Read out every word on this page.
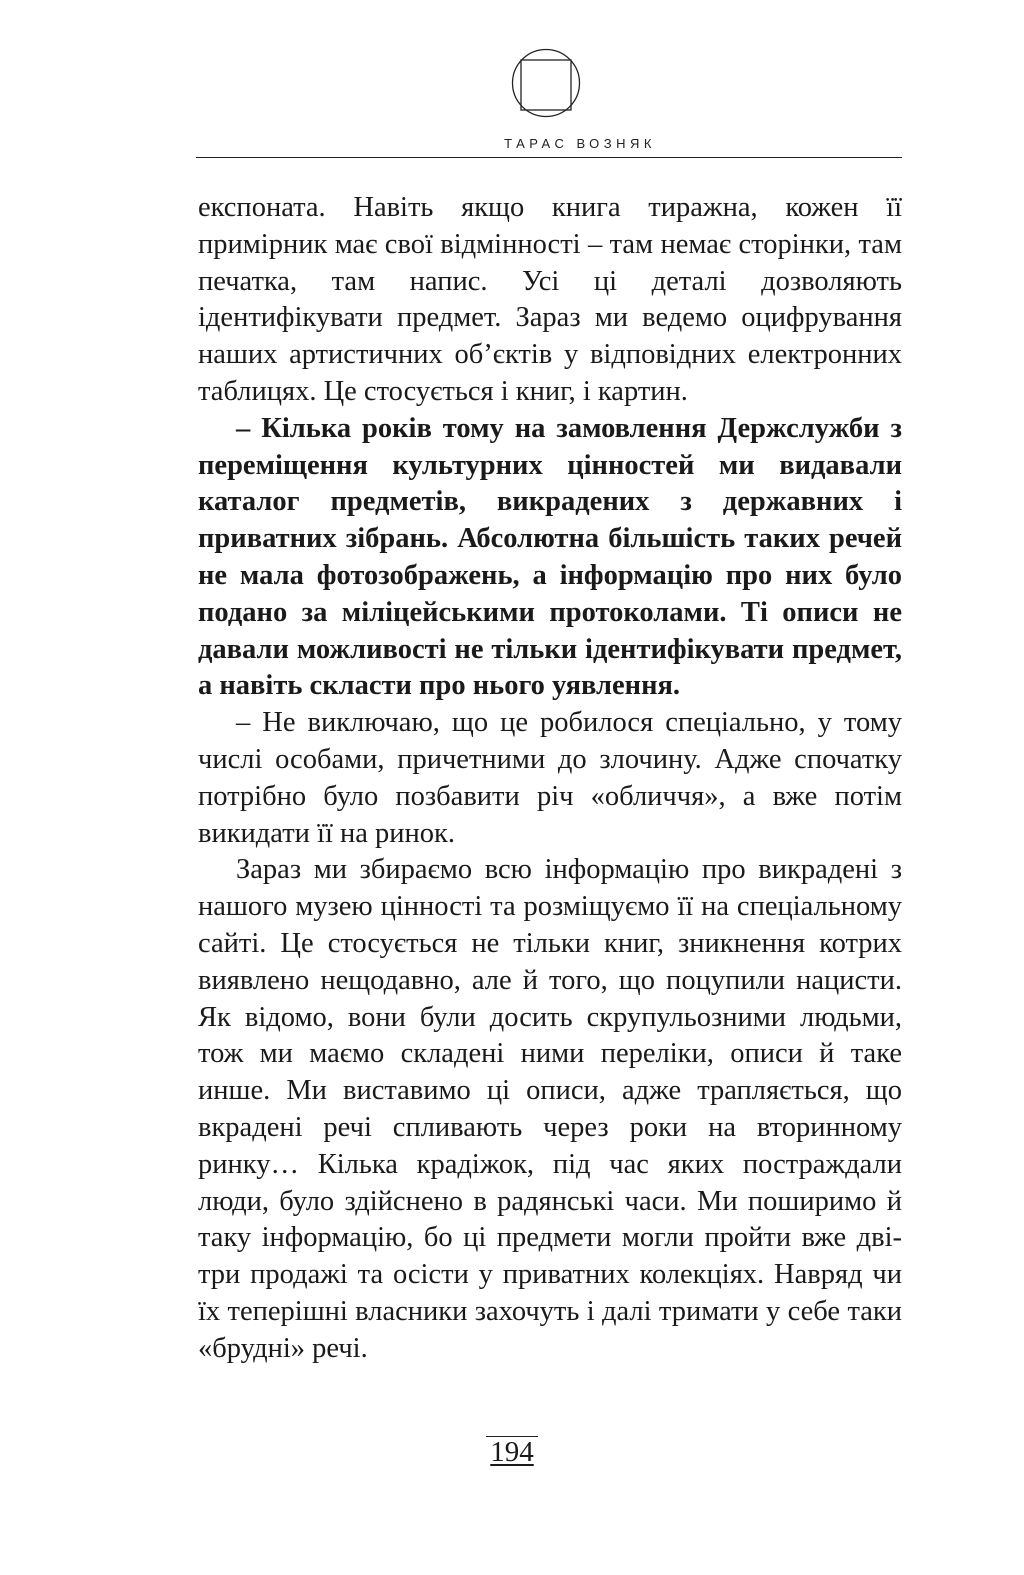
ТАРАС ВОЗНЯК

експоната. Навіть якщо книга тиражна, кожен її примірник має свої відмінності – там немає сторінки, там печатка, там напис. Усі ці деталі дозволяють ідентифікувати предмет. Зараз ми ведемо оцифрування наших артистичних об’єктів у відповідних електронних таблицях. Це стосується і книг, і картин.

– Кілька років тому на замовлення Держслужби з переміщення культурних цінностей ми видавали каталог предметів, викрадених з державних і приватних зібрань. Абсолютна більшість таких речей не мала фотозображень, а інформацію про них було подано за міліцейськими протоколами. Ті описи не давали можливості не тільки ідентифікувати предмет, а навіть скласти про нього уявлення.

– Не виключаю, що це робилося спеціально, у тому числі особами, причетними до злочину. Адже спочатку потрібно було позбавити річ «обличчя», а вже потім викидати її на ринок.

Зараз ми збираємо всю інформацію про викрадені з нашого музею цінності та розміщуємо її на спеціальному сайті. Це стосується не тільки книг, зникнення котрих виявлено нещодавно, але й того, що поцупили нацисти. Як відомо, вони були досить скрупульозними людьми, тож ми маємо складені ними переліки, описи й таке инше. Ми виставимо ці описи, адже трапляється, що вкрадені речі спливають через роки на вторинному ринку… Кілька крадіжок, під час яких постраждали люди, було здійснено в радянські часи. Ми поширимо й таку інформацію, бо ці предмети могли пройти вже дві-три продажі та осісти у приватних колекціях. Навряд чи їх теперішні власники захочуть і далі тримати у себе таки «брудні» речі.

194
